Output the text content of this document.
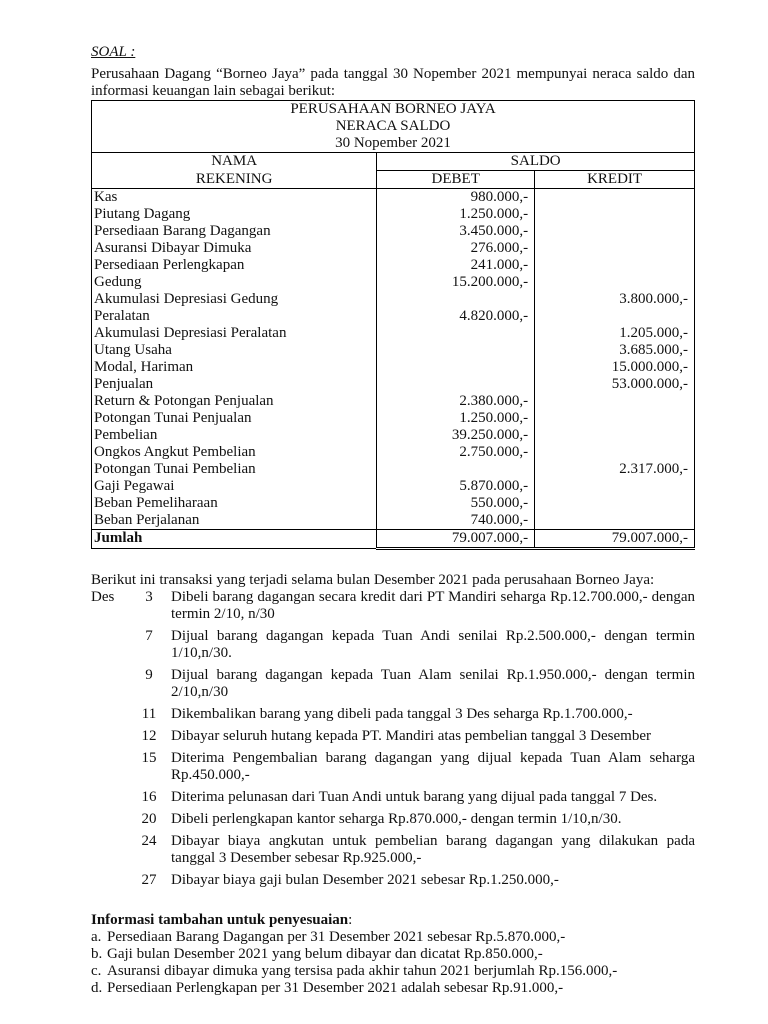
SOAL :
Perusahaan Dagang “Borneo Jaya” pada tanggal 30 Nopember 2021 mempunyai neraca saldo dan informasi keuangan lain sebagai berikut:
PERUSAHAAN BORNEO JAYA		
NERACA SALDO		
30 Nopember 2021		
NAMA	SALDO	
REKENING	DEBET	KREDIT
Kas	980.000,-	
Piutang Dagang	1.250.000,-	
Persediaan Barang Dagangan	3.450.000,-	
Asuransi Dibayar Dimuka	276.000,-	
Persediaan Perlengkapan	241.000,-	
Gedung	15.200.000,-	
Akumulasi Depresiasi Gedung		3.800.000,-
Peralatan	4.820.000,-	
Akumulasi Depresiasi Peralatan		1.205.000,-
Utang Usaha		3.685.000,-
Modal, Hariman		15.000.000,-
Penjualan		53.000.000,-
Return & Potongan Penjualan	2.380.000,-	
Potongan Tunai Penjualan	1.250.000,-	
Pembelian	39.250.000,-	
Ongkos Angkut Pembelian	2.750.000,-	
Potongan Tunai Pembelian		2.317.000,-
Gaji Pegawai	5.870.000,-	
Beban Pemeliharaan	550.000,-	
Beban Perjalanan	740.000,-	
Jumlah	79.007.000,-	79.007.000,-
Berikut ini transaksi yang terjadi selama bulan Desember 2021 pada perusahaan Borneo Jaya:
Des	3	Dibeli barang dagangan secara kredit dari PT Mandiri seharga Rp.12.700.000,- dengan termin 2/10, n/30
7	Dijual barang dagangan kepada Tuan Andi senilai Rp.2.500.000,- dengan termin 1/10,n/30.
9	Dijual barang dagangan kepada Tuan Alam senilai Rp.1.950.000,- dengan termin 2/10,n/30
11 Dikembalikan barang yang dibeli pada tanggal 3 Des seharga Rp.1.700.000,-
12 Dibayar seluruh hutang kepada PT. Mandiri atas pembelian tanggal 3 Desember
15 Diterima Pengembalian barang dagangan yang dijual kepada Tuan Alam seharga Rp.450.000,-
16 Diterima pelunasan dari Tuan Andi untuk barang yang dijual pada tanggal 7 Des.
20 Dibeli perlengkapan kantor seharga Rp.870.000,- dengan termin 1/10,n/30.
24 Dibayar biaya angkutan untuk pembelian barang dagangan yang dilakukan pada tanggal 3 Desember sebesar Rp.925.000,-
27 Dibayar biaya gaji bulan Desember 2021 sebesar Rp.1.250.000,-
Informasi tambahan untuk penyesuaian:
a. Persediaan Barang Dagangan per 31 Desember 2021 sebesar Rp.5.870.000,-
b. Gaji bulan Desember 2021 yang belum dibayar dan dicatat Rp.850.000,-
c. Asuransi dibayar dimuka yang tersisa pada akhir tahun 2021 berjumlah Rp.156.000,-
d. Persediaan Perlengkapan per 31 Desember 2021 adalah sebesar Rp.91.000,-
